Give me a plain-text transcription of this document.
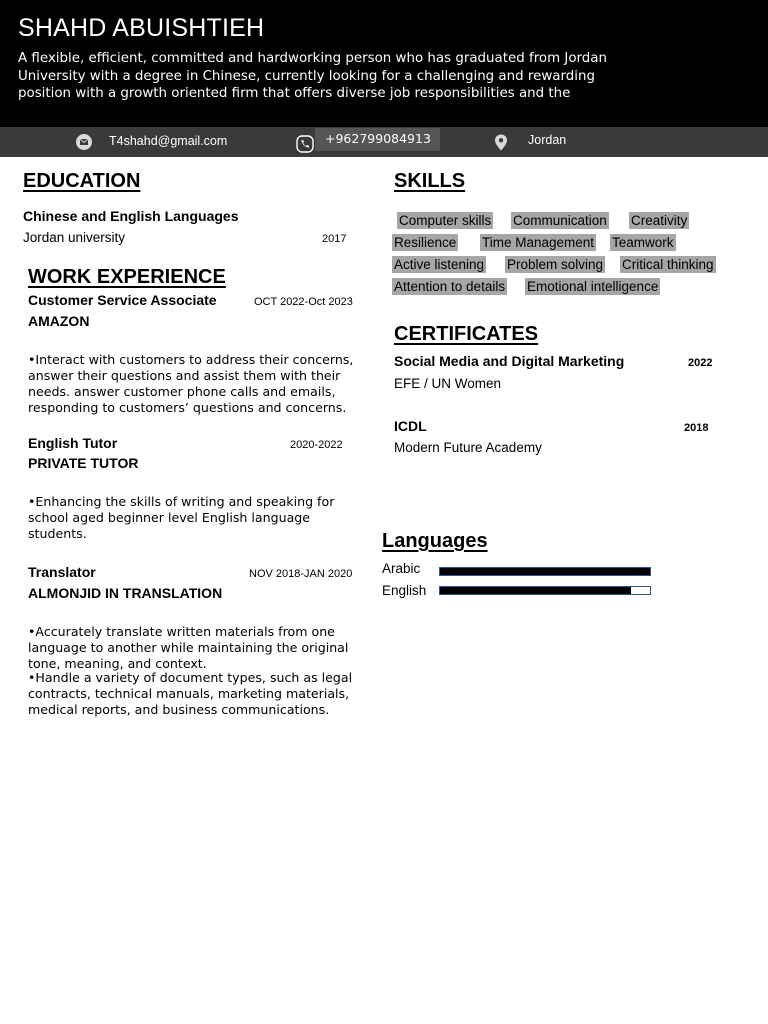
SHAHD ABUISHTIEH
A flexible, efficient, committed and hardworking person who has graduated from Jordan University with a degree in Chinese, currently looking for a challenging and rewarding position with a growth oriented firm that offers diverse job responsibilities and the
T4shahd@gmail.com	+962799084913	Jordan
EDUCATION
Chinese and English Languages
Jordan university	2017
WORK EXPERIENCE
Customer Service Associate	OCT 2022-Oct 2023
AMAZON
•Interact with customers to address their concerns, answer their questions and assist them with their needs. answer customer phone calls and emails, responding to customers’ questions and concerns.
English Tutor	2020-2022
PRIVATE TUTOR
•Enhancing the skills of writing and speaking for school aged beginner level English language students.
Translator	NOV 2018-JAN 2020
ALMONJID IN TRANSLATION
•Accurately translate written materials from one language to another while maintaining the original tone, meaning, and context.
•Handle a variety of document types, such as legal contracts, technical manuals, marketing materials, medical reports, and business communications.
SKILLS
Computer skills Communication Creativity
Resilience Time Management Teamwork
Active listening Problem solving Critical thinking
Attention to details Emotional intelligence
CERTIFICATES
Social Media and Digital Marketing	2022
EFE / UN Women
ICDL	2018
Modern Future Academy
Languages
Arabic
English
